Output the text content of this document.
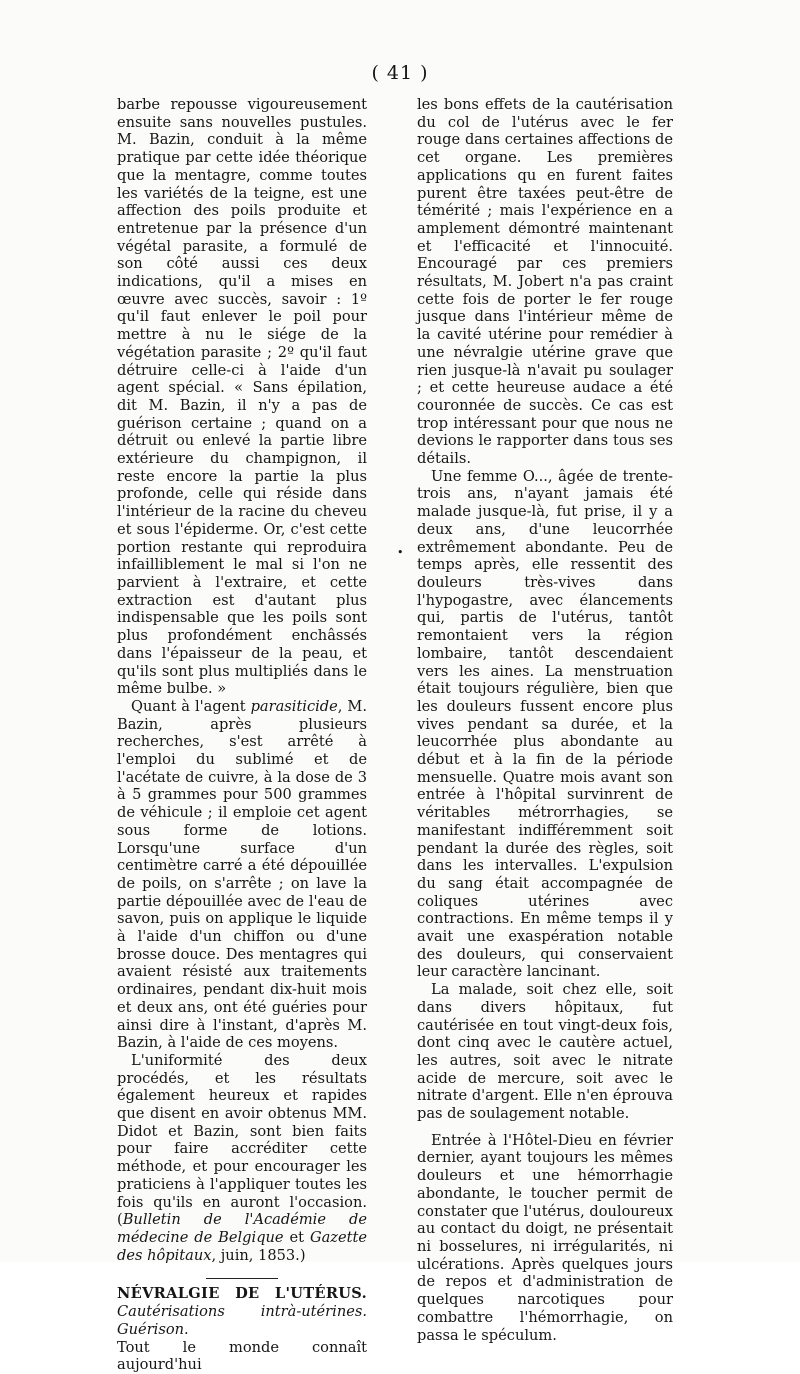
( 41 )

barbe repousse vigoureusement ensuite sans nouvelles pustules. M. Bazin, conduit à la même pratique par cette idée théorique que la mentagre, comme toutes les variétés de la teigne, est une affection des poils produite et entretenue par la présence d'un végétal parasite, a formulé de son côté aussi ces deux indications, qu'il a mises en œuvre avec succès, savoir : 1º qu'il faut enlever le poil pour mettre à nu le siége de la végétation parasite ; 2º qu'il faut détruire celle-ci à l'aide d'un agent spécial. « Sans épilation, dit M. Bazin, il n'y a pas de guérison certaine ; quand on a détruit ou enlevé la partie libre extérieure du champignon, il reste encore la partie la plus profonde, celle qui réside dans l'intérieur de la racine du cheveu et sous l'épiderme. Or, c'est cette portion restante qui reproduira infailliblement le mal si l'on ne parvient à l'extraire, et cette extraction est d'autant plus indispensable que les poils sont plus profondément enchâssés dans l'épaisseur de la peau, et qu'ils sont plus multipliés dans le même bulbe. »

Quant à l'agent parasiticide, M. Bazin, après plusieurs recherches, s'est arrêté à l'emploi du sublimé et de l'acétate de cuivre, à la dose de 3 à 5 grammes pour 500 grammes de véhicule ; il emploie cet agent sous forme de lotions. Lorsqu'une surface d'un centimètre carré a été dépouillée de poils, on s'arrête ; on lave la partie dépouillée avec de l'eau de savon, puis on applique le liquide à l'aide d'un chiffon ou d'une brosse douce. Des mentagres qui avaient résisté aux traitements ordinaires, pendant dix-huit mois et deux ans, ont été guéries pour ainsi dire à l'instant, d'après M. Bazin, à l'aide de ces moyens.

L'uniformité des deux procédés, et les résultats également heureux et rapides que disent en avoir obtenus MM. Didot et Bazin, sont bien faits pour faire accréditer cette méthode, et pour encourager les praticiens à l'appliquer toutes les fois qu'ils en auront l'occasion. (Bulletin de l'Académie de médecine de Belgique et Gazette des hôpitaux, juin, 1853.)

NÉVRALGIE DE L'UTÉRUS. Cautérisations intrà-utérines. Guérison.

Tout le monde connaît aujourd'hui

les bons effets de la cautérisation du col de l'utérus avec le fer rouge dans certaines affections de cet organe. Les premières applications qu en furent faites purent être taxées peut-être de témérité ; mais l'expérience en a amplement démontré maintenant et l'efficacité et l'innocuité. Encouragé par ces premiers résultats, M. Jobert n'a pas craint cette fois de porter le fer rouge jusque dans l'intérieur même de la cavité utérine pour remédier à une névralgie utérine grave que rien jusque-là n'avait pu soulager ; et cette heureuse audace a été couronnée de succès. Ce cas est trop intéressant pour que nous ne devions le rapporter dans tous ses détails.

Une femme O..., âgée de trente-trois ans, n'ayant jamais été malade jusque-là, fut prise, il y a deux ans, d'une leucorrhée extrêmement abondante. Peu de temps après, elle ressentit des douleurs très-vives dans l'hypogastre, avec élancements qui, partis de l'utérus, tantôt remontaient vers la région lombaire, tantôt descendaient vers les aines. La menstruation était toujours régulière, bien que les douleurs fussent encore plus vives pendant sa durée, et la leucorrhée plus abondante au début et à la fin de la période mensuelle. Quatre mois avant son entrée à l'hôpital survinrent de véritables métrorrhagies, se manifestant indifféremment soit pendant la durée des règles, soit dans les intervalles. L'expulsion du sang était accompagnée de coliques utérines avec contractions. En même temps il y avait une exaspération notable des douleurs, qui conservaient leur caractère lancinant.

La malade, soit chez elle, soit dans divers hôpitaux, fut cautérisée en tout vingt-deux fois, dont cinq avec le cautère actuel, les autres, soit avec le nitrate acide de mercure, soit avec le nitrate d'argent. Elle n'en éprouva pas de soulagement notable.

Entrée à l'Hôtel-Dieu en février dernier, ayant toujours les mêmes douleurs et une hémorrhagie abondante, le toucher permit de constater que l'utérus, douloureux au contact du doigt, ne présentait ni bosselures, ni irrégularités, ni ulcérations. Après quelques jours de repos et d'administration de quelques narcotiques pour combattre l'hémorrhagie, on passa le spéculum.

•
